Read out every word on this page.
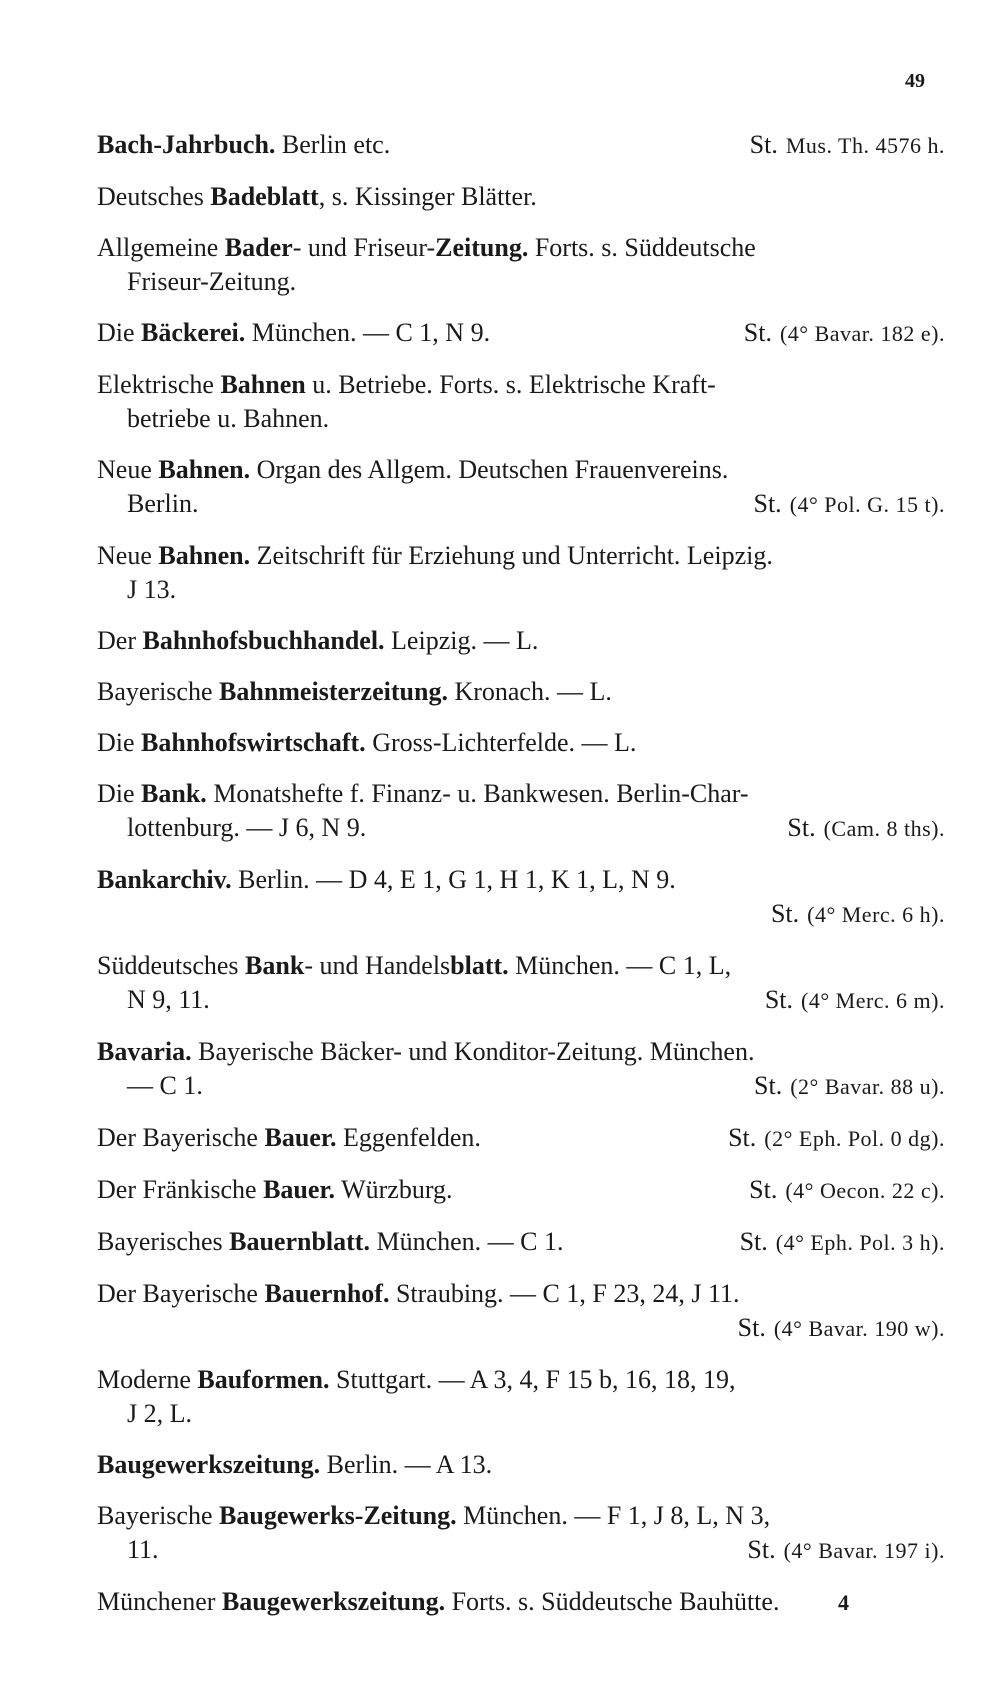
49
Bach-Jahrbuch. Berlin etc.	St. Mus. Th. 4576 h.
Deutsches Badeblatt, s. Kissinger Blätter.
Allgemeine Bader- und Friseur-Zeitung. Forts. s. Süddeutsche
Friseur-Zeitung.
Die Bäckerei. München. — C 1, N 9.	St. (4° Bavar. 182 e).
Elektrische Bahnen u. Betriebe. Forts. s. Elektrische Kraft-
betriebe u. Bahnen.
Neue Bahnen. Organ des Allgem. Deutschen Frauenvereins.
Berlin.	St. (4° Pol. G. 15 t).
Neue Bahnen. Zeitschrift für Erziehung und Unterricht. Leipzig.
J 13.
Der Bahnhofsbuchhandel. Leipzig. — L.
Bayerische Bahnmeisterzeitung. Kronach. — L.
Die Bahnhofswirtschaft. Gross-Lichterfelde. — L.
Die Bank. Monatshefte f. Finanz- u. Bankwesen. Berlin-Char-
lottenburg. — J 6, N 9.	St. (Cam. 8 ths).
Bankarchiv. Berlin. — D 4, E 1, G 1, H 1, K 1, L, N 9.
St. (4° Merc. 6 h).
Süddeutsches Bank- und Handelsblatt. München. — C 1, L,
N 9, 11.	St. (4° Merc. 6 m).
Bavaria. Bayerische Bäcker- und Konditor-Zeitung. München.
— C 1.	St. (2° Bavar. 88 u).
Der Bayerische Bauer. Eggenfelden.	St. (2° Eph. Pol. 0 dg).
Der Fränkische Bauer. Würzburg.	St. (4° Oecon. 22 c).
Bayerisches Bauernblatt. München. — C 1.	St. (4° Eph. Pol. 3 h).
Der Bayerische Bauernhof. Straubing. — C 1, F 23, 24, J 11.
St. (4° Bavar. 190 w).
Moderne Bauformen. Stuttgart. — A 3, 4, F 15 b, 16, 18, 19,
J 2, L.
Baugewerkszeitung. Berlin. — A 13.
Bayerische Baugewerks-Zeitung. München. — F 1, J 8, L, N 3,
11.	St. (4° Bavar. 197 i).
Münchener Baugewerkszeitung. Forts. s. Süddeutsche Bauhütte.	4
